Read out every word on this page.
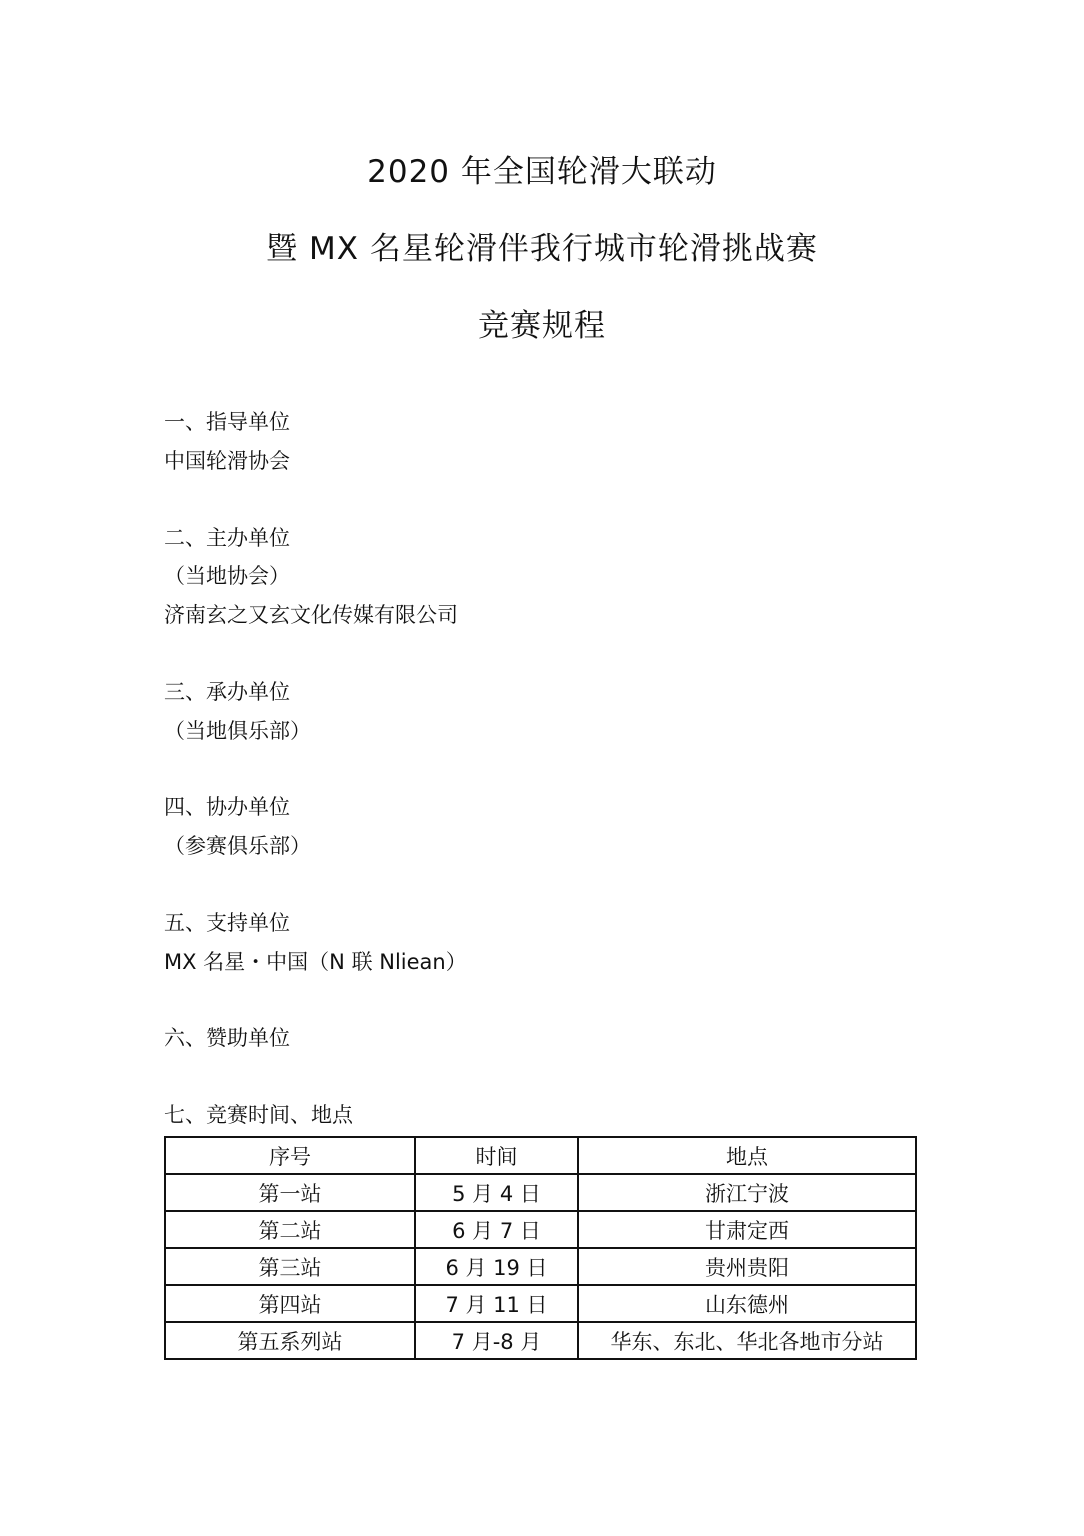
2020 年全国轮滑大联动
暨 MX 名星轮滑伴我行城市轮滑挑战赛
竞赛规程
一、指导单位
中国轮滑协会
二、主办单位
（当地协会）
济南玄之又玄文化传媒有限公司
三、承办单位
（当地俱乐部）
四、协办单位
（参赛俱乐部）
五、支持单位
MX 名星・中国（N 联 Nliean）
六、赞助单位
七、竞赛时间、地点
序号	时间	地点
第一站	5 月 4 日	浙江宁波
第二站	6 月 7 日	甘肃定西
第三站	6 月 19 日	贵州贵阳
第四站	7 月 11 日	山东德州
第五系列站	7 月-8 月	华东、东北、华北各地市分站
